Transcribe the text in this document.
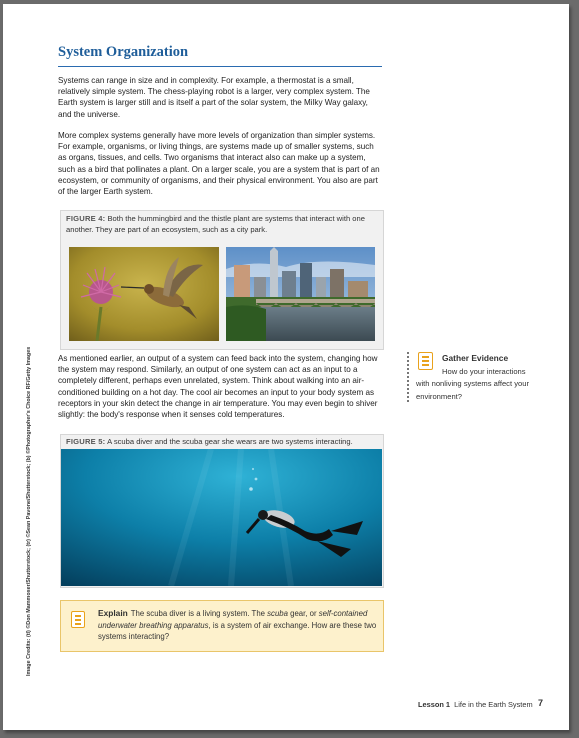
System Organization

Systems can range in size and in complexity. For example, a thermostat is a small, relatively simple system. The chess-playing robot is a larger, very complex system. The Earth system is larger still and is itself a part of the solar system, the Milky Way galaxy, and the universe.

More complex systems generally have more levels of organization than simpler systems. For example, organisms, or living things, are systems made up of smaller systems, such as organs, tissues, and cells. Two organisms that interact also can make up a system, such as a bird that pollinates a plant. On a larger scale, you are a system that is part of an ecosystem, or community of organisms, and their physical environment. You also are part of the larger Earth system.

FIGURE 4: Both the hummingbird and the thistle plant are systems that interact with one another. They are part of an ecosystem, such as a city park.

Image Credits: (tl) ©Don Mammoser/Shutterstock; (tr) ©Sean Pavone/Shutterstock; (b) ©Photographer's Choice RF/Getty Images	As mentioned earlier, an output of a system can feed back into the system, changing how the system may respond. Similarly, an output of one system can act as an input to a completely different, perhaps even unrelated, system. Think about walking into an air-conditioned building on a hot day. The cool air becomes an input to your body system as receptors in your skin detect the change in air temperature. You may even begin to shiver slightly: the body's response when it senses cold temperatures.

Gather Evidence

How do your interactions with nonliving systems affect your environment?

FIGURE 5: A scuba diver and the scuba gear she wears are two systems interacting.

Explain The scuba diver is a living system. The scuba gear, or self-contained underwater breathing apparatus, is a system of air exchange. How are these two systems interacting?

Lesson 1 Life in the Earth System 7
